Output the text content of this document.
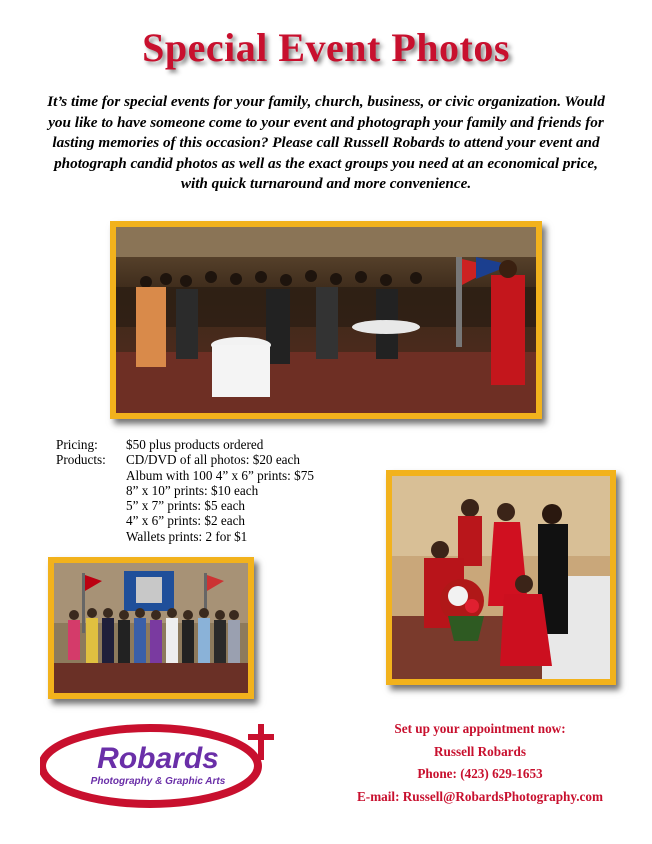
Special Event Photos
It’s time for special events for your family, church, business, or civic organization. Would you like to have someone come to your event and photograph your family and friends for lasting memories of this occasion? Please call Russell Robards to attend your event and photograph candid photos as well as the exact groups you need at an economical price, with quick turnaround and more convenience.
Pricing:	$50 plus products ordered
Products:	CD/DVD of all photos: $20 each
Album with 100 4” x 6” prints: $75
8” x 10” prints: $10 each
5” x 7” prints: $5 each
4” x 6” prints: $2 each
Wallets prints: 2 for $1
Robards
Photography & Graphic Arts
Set up your appointment now:
Russell Robards
Phone: (423) 629-1653
E-mail: Russell@RobardsPhotography.com
